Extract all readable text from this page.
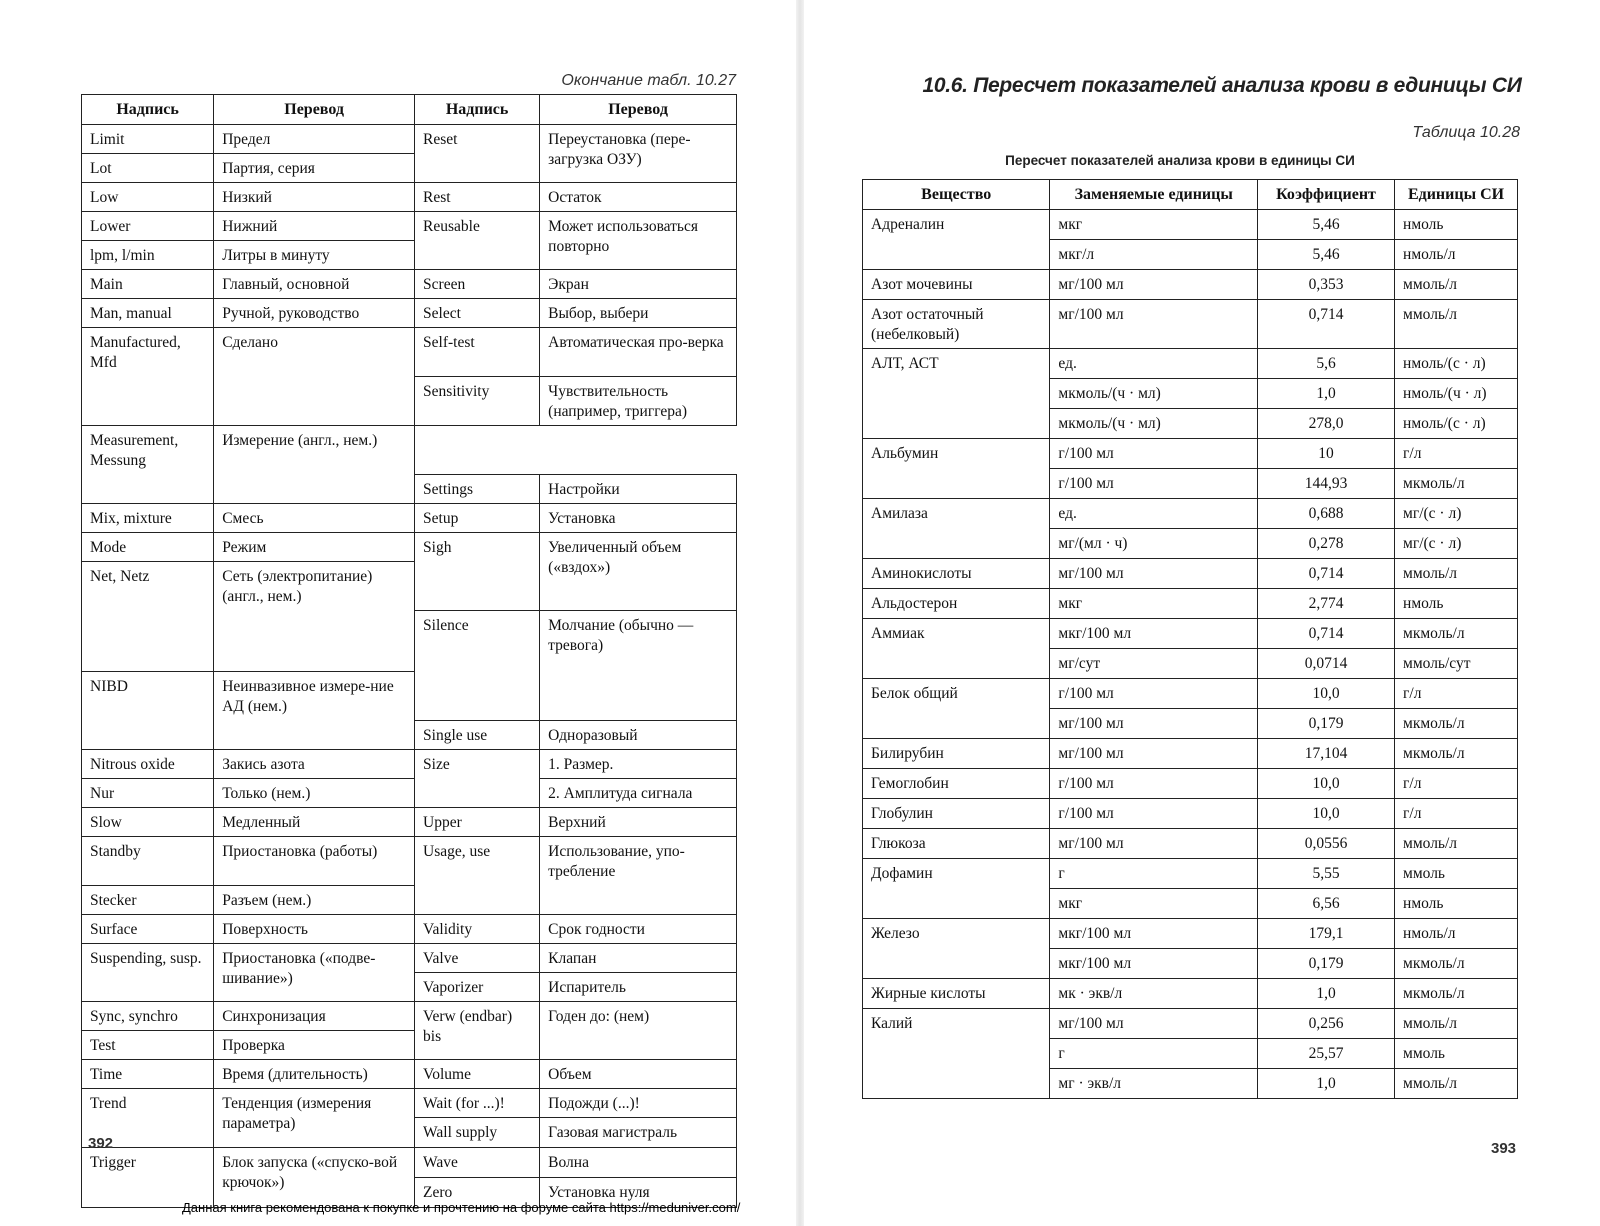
Окончание табл. 10.27
Надпись	Перевод	Надпись	Перевод
Limit	Предел	Reset	Переустановка (пере-загрузка ОЗУ)
Lot	Партия, серия		
Low	Низкий	Rest	Остаток
Lower	Нижний	Reusable	Может использоваться повторно
lpm, l/min	Литры в минуту		
Main	Главный, основной	Screen	Экран
Man, manual	Ручной, руководство	Select	Выбор, выбери
Manufactured, Mfd	Сделано	Self-test	Автоматическая про-верка
		Sensitivity	Чувствительность (например, триггера)
Measurement, Messung	Измерение (англ., нем.)		
		Settings	Настройки
Mix, mixture	Смесь	Setup	Установка
Mode	Режим	Sigh	Увеличенный объем («вздох»)
Net, Netz	Сеть (электропитание) (англ., нем.)		
		Silence	Молчание (обычно — тревога)
NIBD	Неинвазивное измере-ние АД (нем.)		
		Single use	Одноразовый
Nitrous oxide	Закись азота	Size	1. Размер.
Nur	Только (нем.)		2. Амплитуда сигнала
Slow	Медленный	Upper	Верхний
Standby	Приостановка (работы)	Usage, use	Использование, упо-требление
Stecker	Разъем (нем.)		
Surface	Поверхность	Validity	Срок годности
Suspending, susp.	Приостановка («подве-шивание»)	Valve	Клапан
		Vaporizer	Испаритель
Sync, synchro	Синхронизация	Verw (endbar) bis	Годен до: (нем)
Test	Проверка		
Time	Время (длительность)	Volume	Объем
Trend	Тенденция (измерения параметра)	Wait (for ...)!	Подожди (...)!
		Wall supply	Газовая магистраль
Trigger	Блок запуска («спуско-вой крючок»)	Wave	Волна
		Zero	Установка нуля
392
Данная книга рекомендована к покупке и прочтению на форуме сайта https://meduniver.com/
10.6. Пересчет показателей анализа крови в единицы СИ
Таблица 10.28
Пересчет показателей анализа крови в единицы СИ
Вещество	Заменяемые единицы	Коэффициент	Единицы СИ
Адреналин	мкг	5,46	нмоль
	мкг/л	5,46	нмоль/л
Азот мочевины	мг/100 мл	0,353	ммоль/л
Азот остаточный (небелковый)	мг/100 мл	0,714	ммоль/л
АЛТ, АСТ	ед.	5,6	нмоль/(с · л)
	мкмоль/(ч · мл)	1,0	нмоль/(ч · л)
	мкмоль/(ч · мл)	278,0	нмоль/(с · л)
Альбумин	г/100 мл	10	г/л
	г/100 мл	144,93	мкмоль/л
Амилаза	ед.	0,688	мг/(с · л)
	мг/(мл · ч)	0,278	мг/(с · л)
Аминокислоты	мг/100 мл	0,714	ммоль/л
Альдостерон	мкг	2,774	нмоль
Аммиак	мкг/100 мл	0,714	мкмоль/л
	мг/сут	0,0714	ммоль/сут
Белок общий	г/100 мл	10,0	г/л
	мг/100 мл	0,179	мкмоль/л
Билирубин	мг/100 мл	17,104	мкмоль/л
Гемоглобин	г/100 мл	10,0	г/л
Глобулин	г/100 мл	10,0	г/л
Глюкоза	мг/100 мл	0,0556	ммоль/л
Дофамин	г	5,55	ммоль
	мкг	6,56	нмоль
Железо	мкг/100 мл	179,1	нмоль/л
	мкг/100 мл	0,179	мкмоль/л
Жирные кислоты	мк · экв/л	1,0	мкмоль/л
Калий	мг/100 мл	0,256	ммоль/л
	г	25,57	ммоль
	мг · экв/л	1,0	ммоль/л
393
